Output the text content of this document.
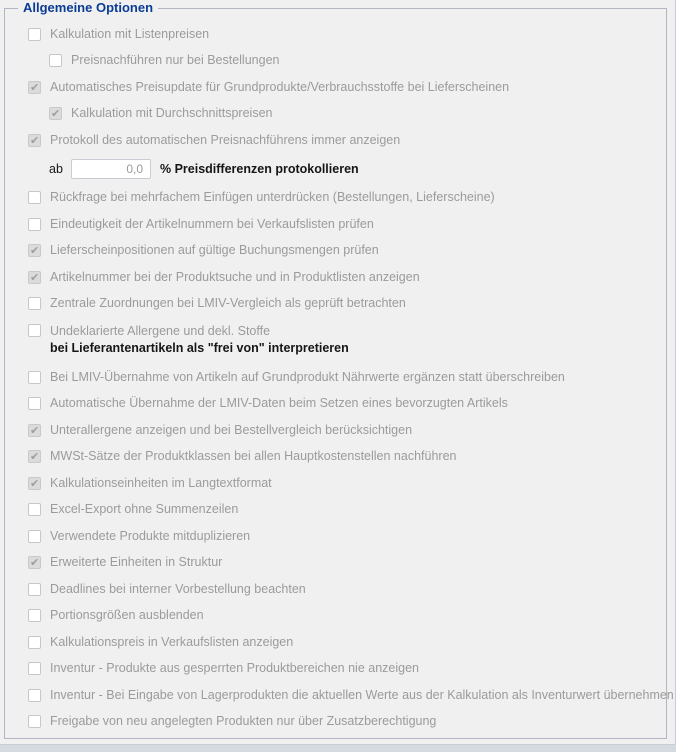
Allgemeine Optionen
Kalkulation mit Listenpreisen
Preisnachführen nur bei Bestellungen
✔
Automatisches Preisupdate für Grundprodukte/Verbrauchsstoffe bei Lieferscheinen
✔
Kalkulation mit Durchschnittspreisen
✔
Protokoll des automatischen Preisnachführens immer anzeigen
ab
0,0	% Preisdifferenzen protokollieren
Rückfrage bei mehrfachem Einfügen unterdrücken (Bestellungen, Lieferscheine)
Eindeutigkeit der Artikelnummern bei Verkaufslisten prüfen
✔
Lieferscheinpositionen auf gültige Buchungsmengen prüfen
✔
Artikelnummer bei der Produktsuche und in Produktlisten anzeigen
Zentrale Zuordnungen bei LMIV-Vergleich als geprüft betrachten
Undeklarierte Allergene und dekl. Stoffe
bei Lieferantenartikeln als "frei von" interpretieren
Bei LMIV-Übernahme von Artikeln auf Grundprodukt Nährwerte ergänzen statt überschreiben
Automatische Übernahme der LMIV-Daten beim Setzen eines bevorzugten Artikels
✔
Unterallergene anzeigen und bei Bestellvergleich berücksichtigen
✔
MWSt-Sätze der Produktklassen bei allen Hauptkostenstellen nachführen
✔
Kalkulationseinheiten im Langtextformat
Excel-Export ohne Summenzeilen
Verwendete Produkte mitduplizieren
✔
Erweiterte Einheiten in Struktur
Deadlines bei interner Vorbestellung beachten
Portionsgrößen ausblenden
Kalkulationspreis in Verkaufslisten anzeigen
Inventur - Produkte aus gesperrten Produktbereichen nie anzeigen
Inventur - Bei Eingabe von Lagerprodukten die aktuellen Werte aus der Kalkulation als Inventurwert übernehmen
Freigabe von neu angelegten Produkten nur über Zusatzberechtigung
